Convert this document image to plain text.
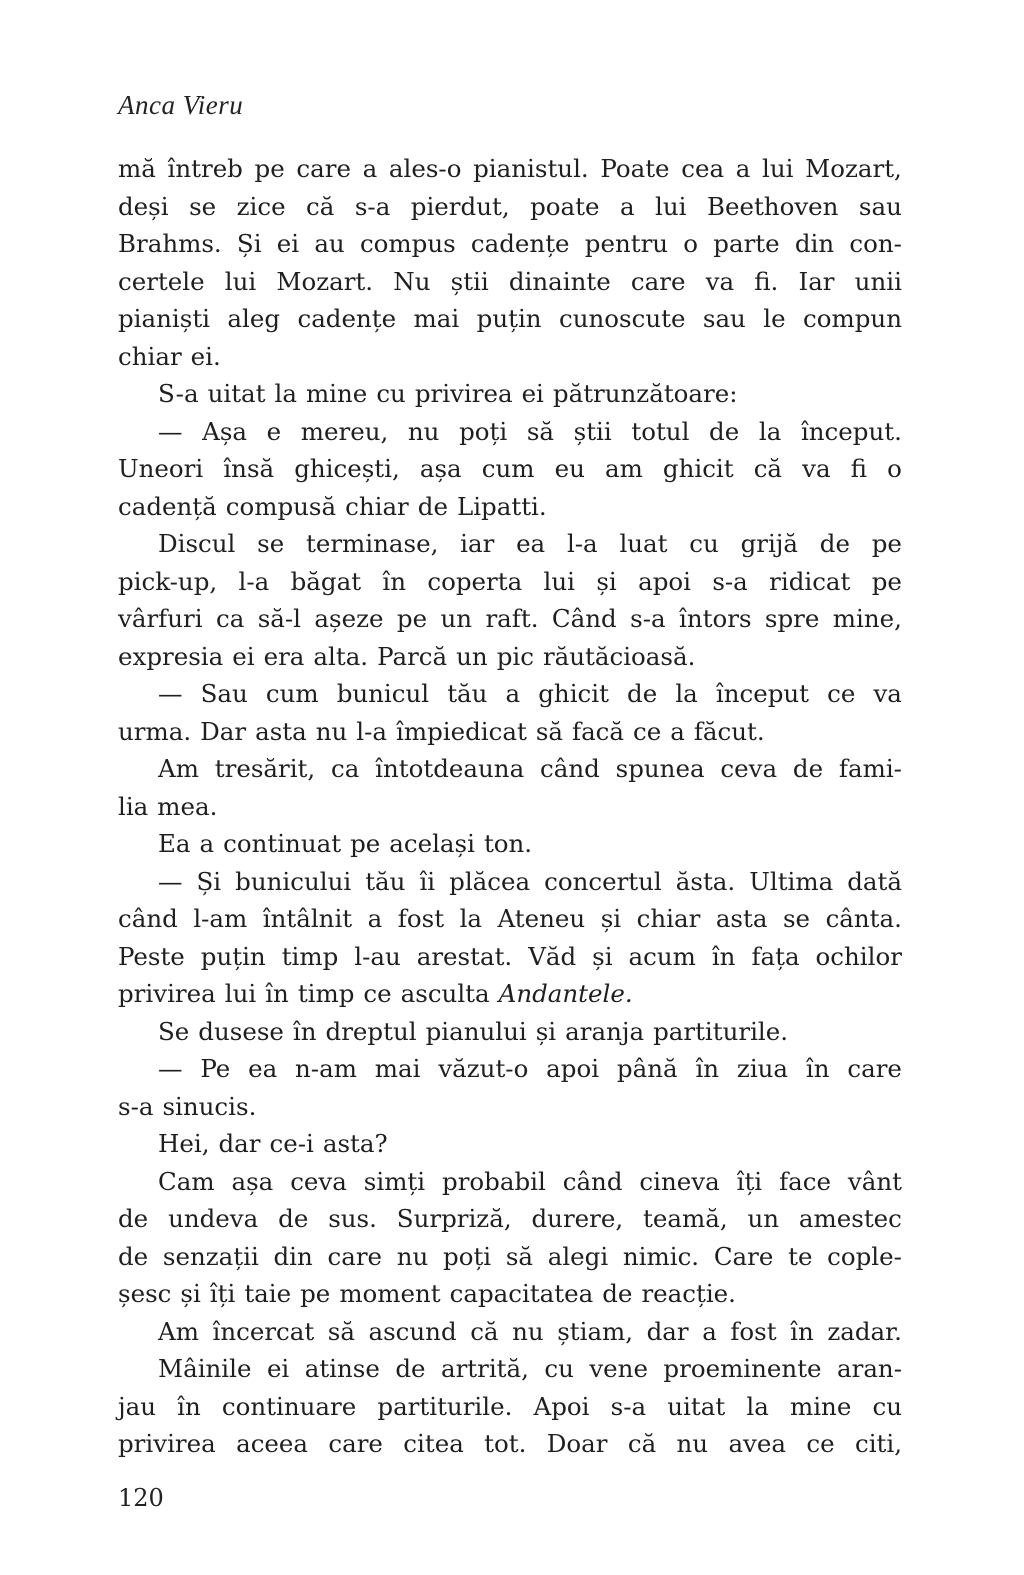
Anca Vieru
mă întreb pe care a ales-o pianistul. Poate cea a lui Mozart,
deși se zice că s-a pierdut, poate a lui Beethoven sau
Brahms. Și ei au compus cadențe pentru o parte din con-
certele lui Mozart. Nu știi dinainte care va fi. Iar unii
pianiști aleg cadențe mai puțin cunoscute sau le compun
chiar ei.
S-a uitat la mine cu privirea ei pătrunzătoare:
— Așa e mereu, nu poți să știi totul de la început.
Uneori însă ghicești, așa cum eu am ghicit că va fi o
cadență compusă chiar de Lipatti.
Discul se terminase, iar ea l-a luat cu grijă de pe
pick-up, l-a băgat în coperta lui și apoi s-a ridicat pe
vârfuri ca să-l așeze pe un raft. Când s-a întors spre mine,
expresia ei era alta. Parcă un pic răutăcioasă.
— Sau cum bunicul tău a ghicit de la început ce va
urma. Dar asta nu l-a împiedicat să facă ce a făcut.
Am tresărit, ca întotdeauna când spunea ceva de fami-
lia mea.
Ea a continuat pe același ton.
— Și bunicului tău îi plăcea concertul ăsta. Ultima dată
când l-am întâlnit a fost la Ateneu și chiar asta se cânta.
Peste puțin timp l-au arestat. Văd și acum în fața ochilor
privirea lui în timp ce asculta Andantele.
Se dusese în dreptul pianului și aranja partiturile.
— Pe ea n-am mai văzut-o apoi până în ziua în care
s-a sinucis.
Hei, dar ce-i asta?
Cam așa ceva simți probabil când cineva îți face vânt
de undeva de sus. Surpriză, durere, teamă, un amestec
de senzații din care nu poți să alegi nimic. Care te cople-
șesc și îți taie pe moment capacitatea de reacție.
Am încercat să ascund că nu știam, dar a fost în zadar.
Mâinile ei atinse de artrită, cu vene proeminente aran-
jau în continuare partiturile. Apoi s-a uitat la mine cu
privirea aceea care citea tot. Doar că nu avea ce citi,
120
